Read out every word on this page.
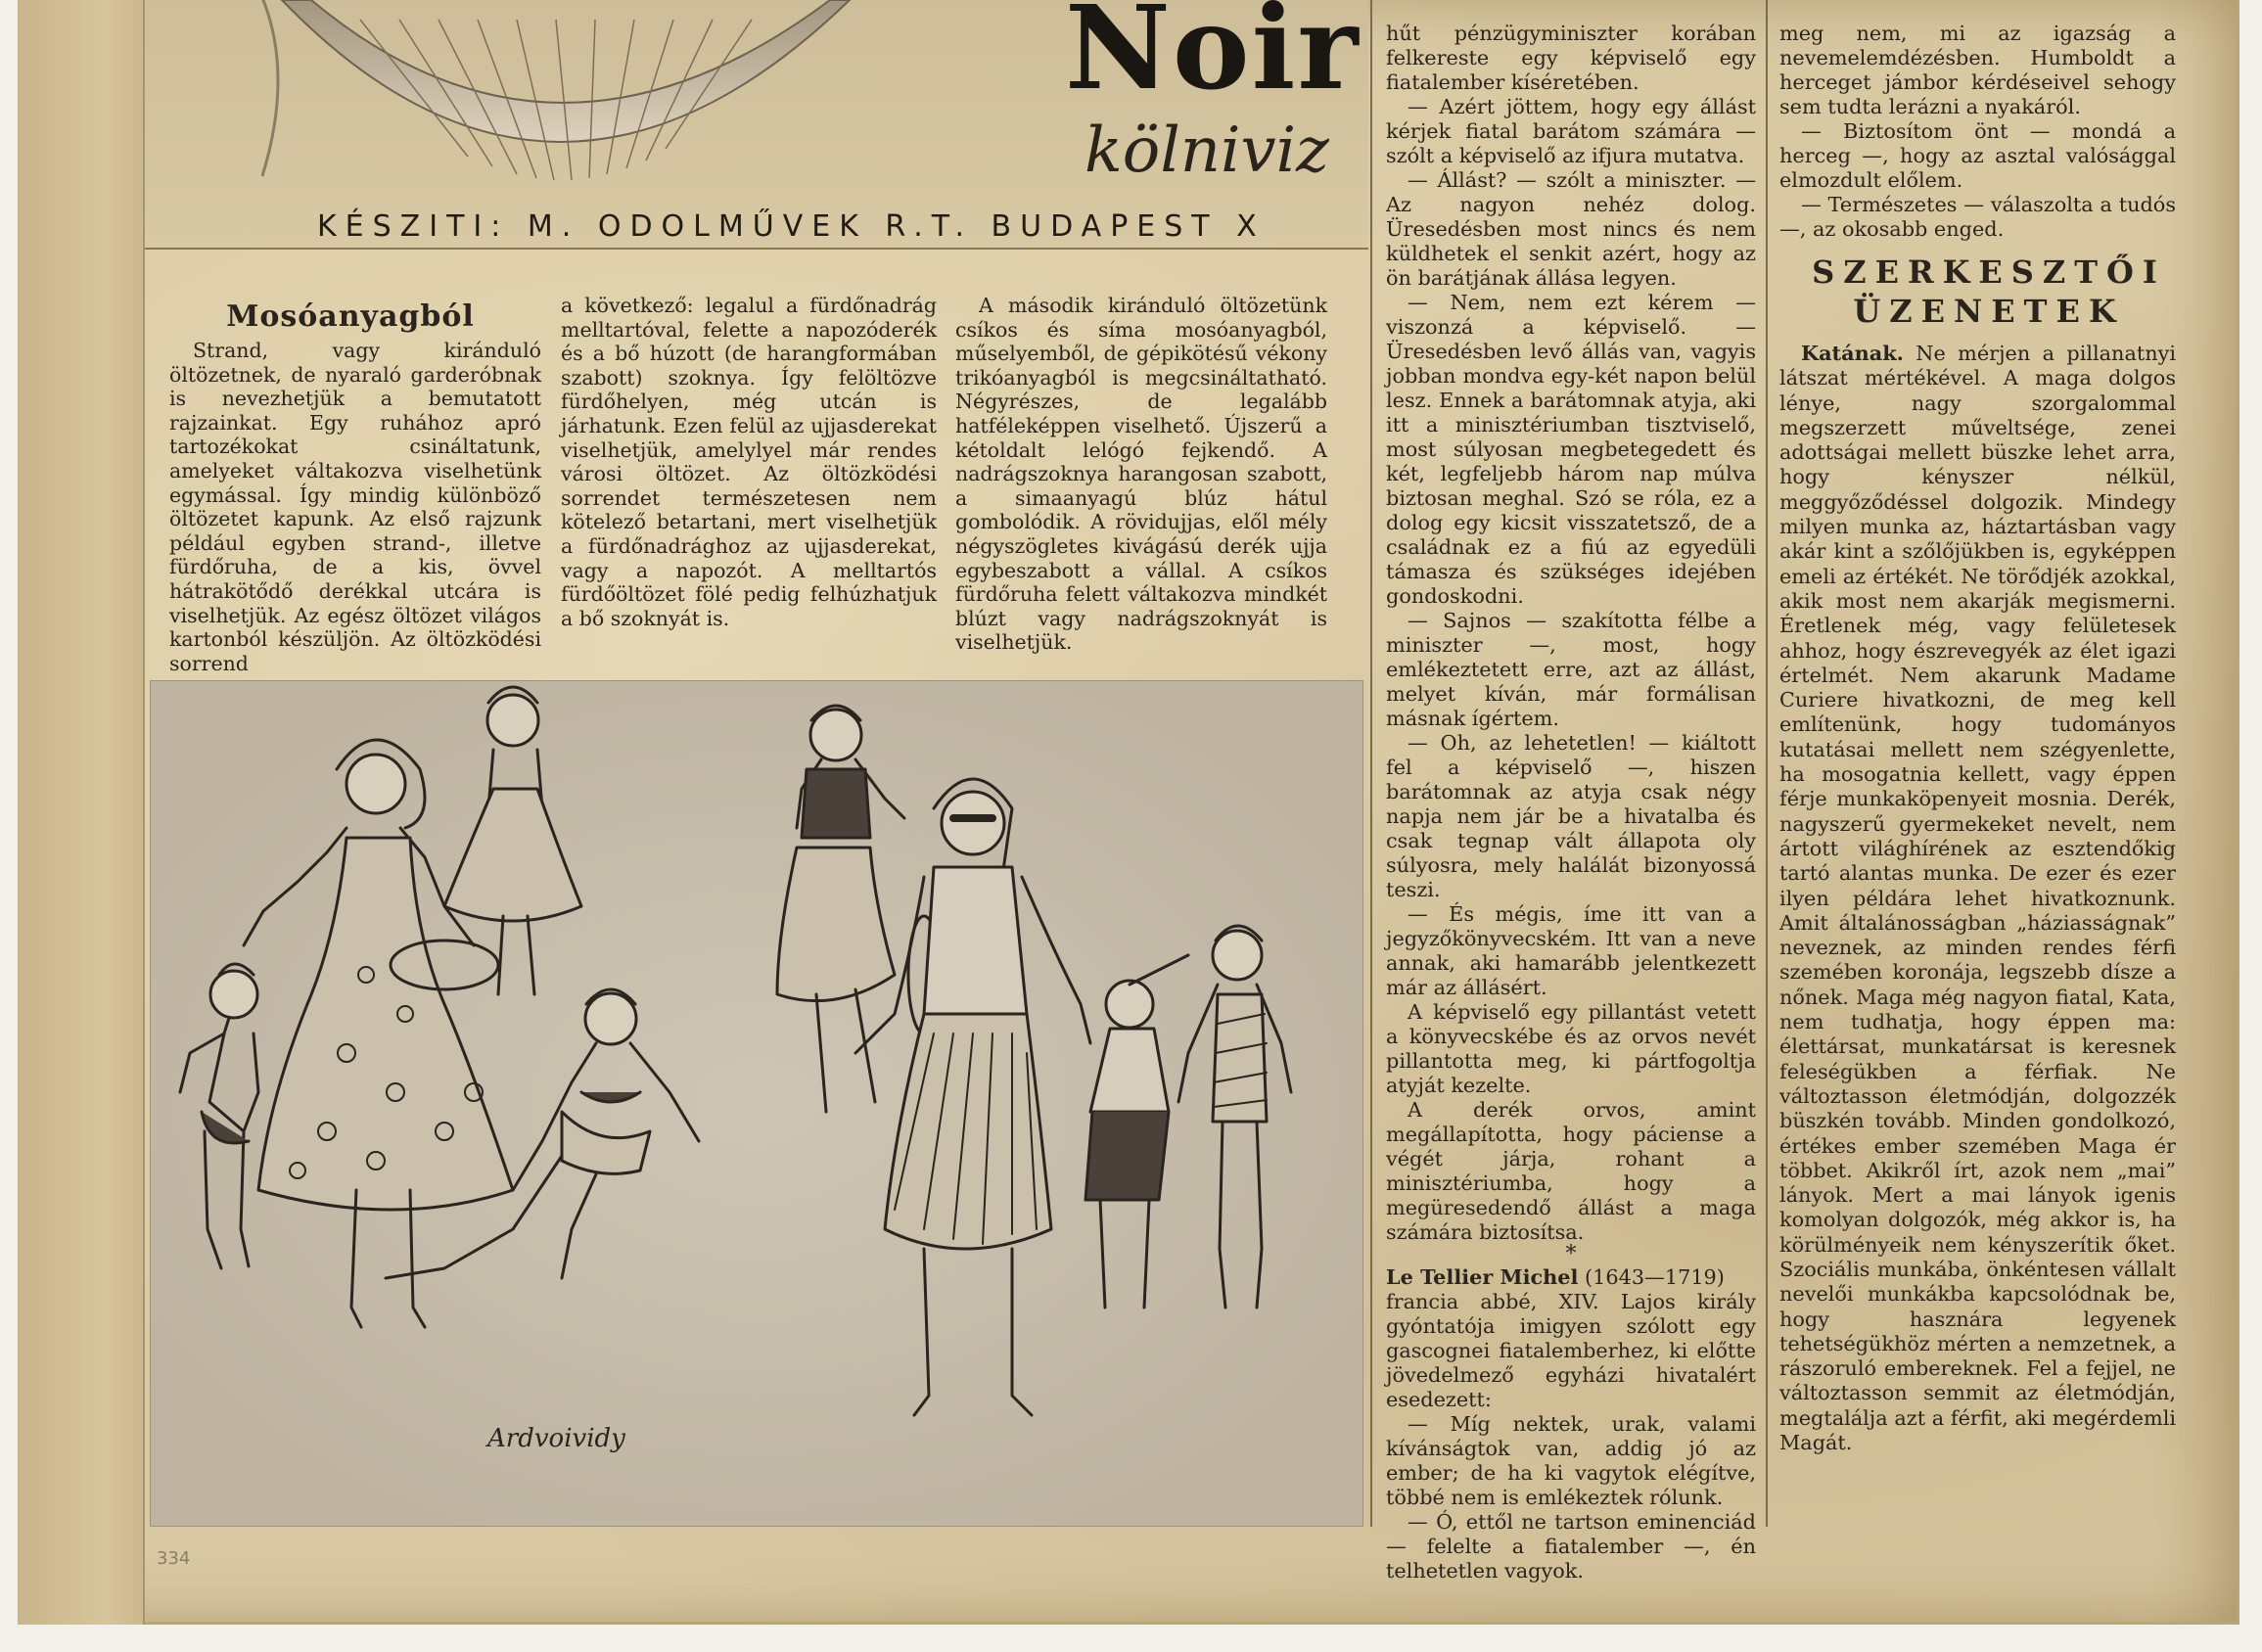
Noir
kölniviz
KÉSZITI: M. ODOLMŰVEK R.T. BUDAPEST X
Mosóanyagból

Strand, vagy kiránduló öltözetnek, de nyaraló garderóbnak is nevezhetjük a bemutatott rajzainkat. Egy ruhához apró tartozékokat csináltatunk, amelyeket váltakozva viselhetünk egymással. Így mindig különböző öltözetet kapunk. Az első rajzunk például egyben strand-, illetve fürdőruha, de a kis, övvel hátrakötődő derékkal utcára is viselhetjük. Az egész öltözet világos kartonból készüljön. Az öltözködési sorrend

a következő: legalul a fürdőnadrág melltartóval, felette a napozóderék és a bő húzott (de harangformában szabott) szoknya. Így felöltözve fürdőhelyen, még utcán is járhatunk. Ezen felül az ujjasderekat viselhetjük, amelylyel már rendes városi öltözet. Az öltözködési sorrendet természetesen nem kötelező betartani, mert viselhetjük a fürdőnadrághoz az ujjasderekat, vagy a napozót. A melltartós fürdőöltözet fölé pedig felhúzhatjuk a bő szoknyát is.

A második kiránduló öltözetünk csíkos és síma mosóanyagból, műselyemből, de gépikötésű vékony trikóanyagból is megcsináltatható. Négyrészes, de legalább hatféleképpen viselhető. Újszerű a kétoldalt lelógó fejkendő. A nadrágszoknya harangosan szabott, a simaanyagú blúz hátul gombolódik. A rövidujjas, elől mély négyszögletes kivágású derék ujja egybeszabott a vállal. A csíkos fürdőruha felett váltakozva mindkét blúzt vagy nadrágszoknyát is viselhetjük.

Ardvoividy
334

hűt pénzügyminiszter korában felkereste egy képviselő egy fiatalember kíséretében.

— Azért jöttem, hogy egy állást kérjek fiatal barátom számára — szólt a képviselő az ifjura mutatva.

— Állást? — szólt a miniszter. — Az nagyon nehéz dolog. Üresedésben most nincs és nem küldhetek el senkit azért, hogy az ön barátjának állása legyen.

— Nem, nem ezt kérem — viszonzá a képviselő. — Üresedésben levő állás van, vagyis jobban mondva egy-két napon belül lesz. Ennek a barátomnak atyja, aki itt a minisztériumban tisztviselő, most súlyosan megbetegedett és két, legfeljebb három nap múlva biztosan meghal. Szó se róla, ez a dolog egy kicsit visszatetsző, de a családnak ez a fiú az egyedüli támasza és szükséges idejében gondoskodni.

— Sajnos — szakította félbe a miniszter —, most, hogy emlékeztetett erre, azt az állást, melyet kíván, már formálisan másnak ígértem.

— Oh, az lehetetlen! — kiáltott fel a képviselő —, hiszen barátomnak az atyja csak négy napja nem jár be a hivatalba és csak tegnap vált állapota oly súlyosra, mely halálát bizonyossá teszi.

— És mégis, íme itt van a jegyzőkönyvecském. Itt van a neve annak, aki hamarább jelentkezett már az állásért.

A képviselő egy pillantást vetett a könyvecskébe és az orvos nevét pillantotta meg, ki pártfogoltja atyját kezelte.

A derék orvos, amint megállapította, hogy páciense a végét járja, rohant a minisztériumba, hogy a megüresedendő állást a maga számára biztosítsa.

*

Le Tellier Michel (1643—1719)

francia abbé, XIV. Lajos király gyóntatója imigyen szólott egy gascognei fiatalemberhez, ki előtte jövedelmező egyházi hivatalért esedezett:

— Míg nektek, urak, valami kívánságtok van, addig jó az ember; de ha ki vagytok elégítve, többé nem is emlékeztek rólunk.

— Ó, ettől ne tartson eminenciád — felelte a fiatalember —, én telhetetlen vagyok.

meg nem, mi az igazság a nevemelemdézésben. Humboldt a herceget jámbor kérdéseivel sehogy sem tudta lerázni a nyakáról.

— Biztosítom önt — mondá a herceg —, hogy az asztal valósággal elmozdult előlem.

— Természetes — válaszolta a tudós —, az okosabb enged.

SZERKESZTŐI
ÜZENETEK

Katának. Ne mérjen a pillanatnyi látszat mértékével. A maga dolgos lénye, nagy szorgalommal megszerzett műveltsége, zenei adottságai mellett büszke lehet arra, hogy kényszer nélkül, meggyőződéssel dolgozik. Mindegy milyen munka az, háztartásban vagy akár kint a szőlőjükben is, egyképpen emeli az értékét. Ne törődjék azokkal, akik most nem akarják megismerni. Éretlenek még, vagy felületesek ahhoz, hogy észrevegyék az élet igazi értelmét. Nem akarunk Madame Curiere hivatkozni, de meg kell említenünk, hogy tudományos kutatásai mellett nem szégyenlette, ha mosogatnia kellett, vagy éppen férje munkaköpenyeit mosnia. Derék, nagyszerű gyermekeket nevelt, nem ártott világhírének az esztendőkig tartó alantas munka. De ezer és ezer ilyen példára lehet hivatkoznunk. Amit általánosságban „háziasságnak” neveznek, az minden rendes férfi szemében koronája, legszebb dísze a nőnek. Maga még nagyon fiatal, Kata, nem tudhatja, hogy éppen ma: élettársat, munkatársat is keresnek feleségükben a férfiak. Ne változtasson életmódján, dolgozzék büszkén tovább. Minden gondolkozó, értékes ember szemében Maga ér többet. Akikről írt, azok nem „mai” lányok. Mert a mai lányok igenis komolyan dolgozók, még akkor is, ha körülményeik nem kényszerítik őket. Szociális munkába, önkéntesen vállalt nevelői munkákba kapcsolódnak be, hogy hasznára legyenek tehetségükhöz mérten a nemzetnek, a rászoruló embereknek. Fel a fejjel, ne változtasson semmit az életmódján, megtalálja azt a férfit, aki megérdemli Magát.
